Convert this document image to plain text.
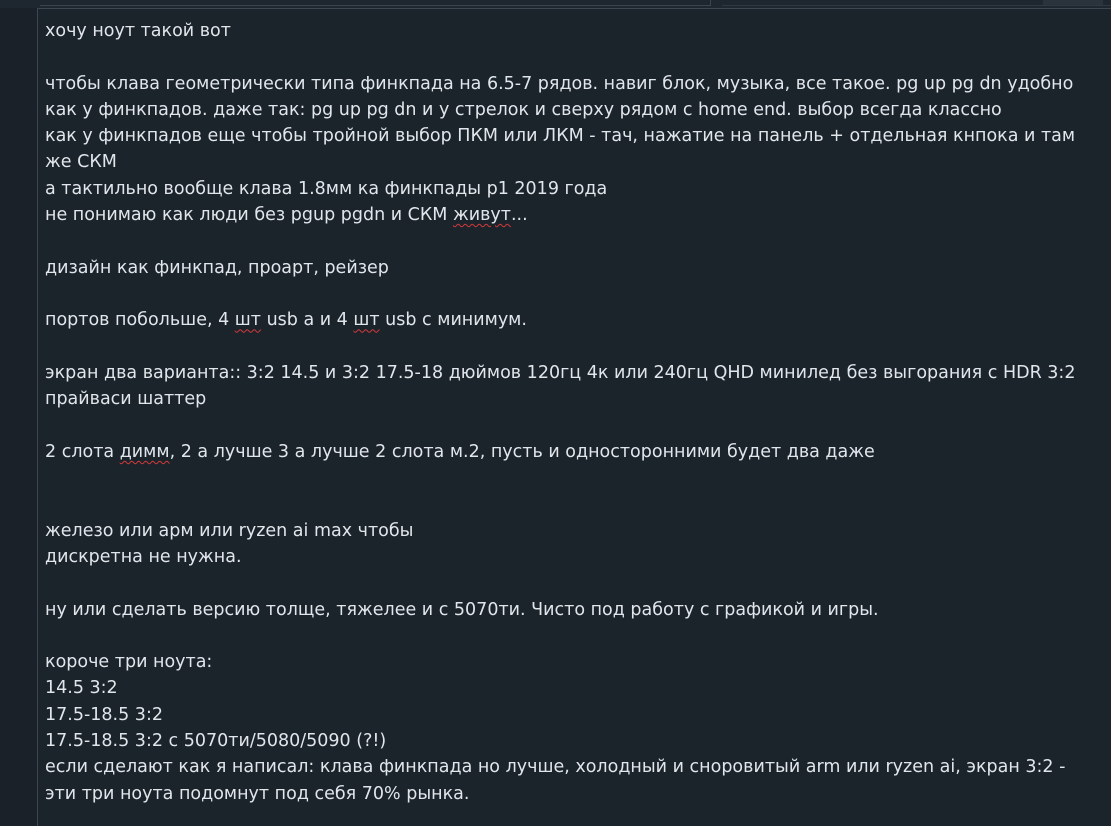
хочу ноут такой вот

чтобы клава геометрически типа финкпада на 6.5-7 рядов. навиг блок, музыка, все такое. pg up pg dn удобно
как у финкпадов. даже так: pg up pg dn и у стрелок и сверху рядом с home end. выбор всегда классно
как у финкпадов еще чтобы тройной выбор ПКМ или ЛКМ - тач, нажатие на панель + отдельная кнпока и там
же СКМ
а тактильно вообще клава 1.8мм ка финкпады р1 2019 года
не понимаю как люди без pgup pgdn и СКМ живут...

дизайн как финкпад, проарт, рейзер

портов побольше, 4 шт usb а и 4 шт usb с минимум.

экран два варианта:: 3:2 14.5 и 3:2 17.5-18 дюймов 120гц 4к или 240гц QHD минилед без выгорания с HDR 3:2
прайваси шаттер

2 слота димм, 2 а лучше 3 а лучше 2 слота м.2, пусть и односторонними будет два даже

железо или арм или ryzen ai max чтобы
дискретна не нужна.

ну или сделать версию толще, тяжелее и с 5070ти. Чисто под работу с графикой и игры.

короче три ноута:
14.5 3:2
17.5-18.5 3:2
17.5-18.5 3:2 с 5070ти/5080/5090 (?!)
если сделают как я написал: клава финкпада но лучше, холодный и сноровитый arm или ryzen ai, экран 3:2 -
эти три ноута подомнут под себя 70% рынка.
